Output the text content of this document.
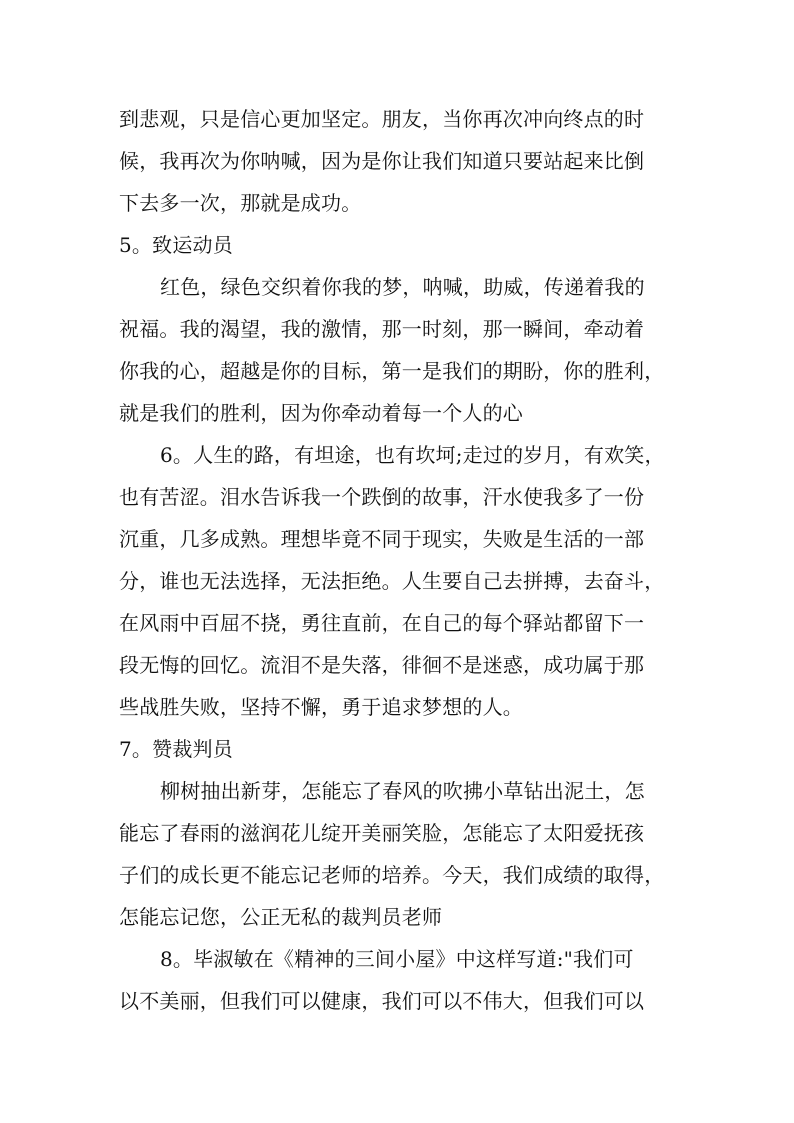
到悲观，只是信心更加坚定。朋友，当你再次冲向终点的时
候，我再次为你呐喊，因为是你让我们知道只要站起来比倒
下去多一次，那就是成功。
5。致运动员
红色，绿色交织着你我的梦，呐喊，助威，传递着我的
祝福。我的渴望，我的激情，那一时刻，那一瞬间，牵动着
你我的心，超越是你的目标，第一是我们的期盼，你的胜利，
就是我们的胜利，因为你牵动着每一个人的心
6。人生的路，有坦途，也有坎坷;走过的岁月，有欢笑，
也有苦涩。泪水告诉我一个跌倒的故事，汗水使我多了一份
沉重，几多成熟。理想毕竟不同于现实，失败是生活的一部
分，谁也无法选择，无法拒绝。人生要自己去拼搏，去奋斗，
在风雨中百屈不挠，勇往直前，在自己的每个驿站都留下一
段无悔的回忆。流泪不是失落，徘徊不是迷惑，成功属于那
些战胜失败，坚持不懈，勇于追求梦想的人。
7。赞裁判员
柳树抽出新芽，怎能忘了春风的吹拂小草钻出泥土，怎
能忘了春雨的滋润花儿绽开美丽笑脸，怎能忘了太阳爱抚孩
子们的成长更不能忘记老师的培养。今天，我们成绩的取得，
怎能忘记您，公正无私的裁判员老师
8。毕淑敏在《精神的三间小屋》中这样写道:"我们可
以不美丽，但我们可以健康，我们可以不伟大，但我们可以
